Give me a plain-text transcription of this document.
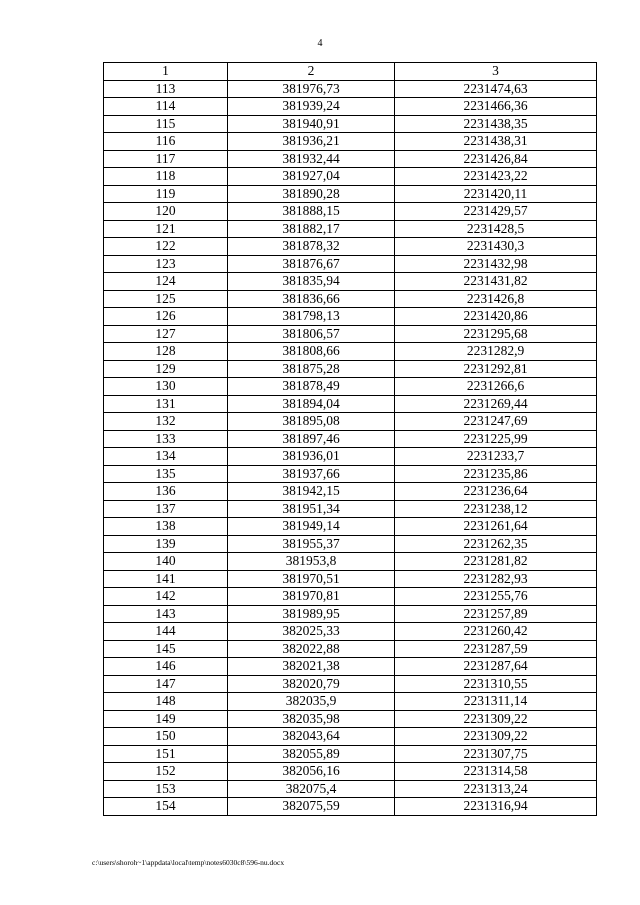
4
1	2	3
113	381976,73	2231474,63
114	381939,24	2231466,36
115	381940,91	2231438,35
116	381936,21	2231438,31
117	381932,44	2231426,84
118	381927,04	2231423,22
119	381890,28	2231420,11
120	381888,15	2231429,57
121	381882,17	2231428,5
122	381878,32	2231430,3
123	381876,67	2231432,98
124	381835,94	2231431,82
125	381836,66	2231426,8
126	381798,13	2231420,86
127	381806,57	2231295,68
128	381808,66	2231282,9
129	381875,28	2231292,81
130	381878,49	2231266,6
131	381894,04	2231269,44
132	381895,08	2231247,69
133	381897,46	2231225,99
134	381936,01	2231233,7
135	381937,66	2231235,86
136	381942,15	2231236,64
137	381951,34	2231238,12
138	381949,14	2231261,64
139	381955,37	2231262,35
140	381953,8	2231281,82
141	381970,51	2231282,93
142	381970,81	2231255,76
143	381989,95	2231257,89
144	382025,33	2231260,42
145	382022,88	2231287,59
146	382021,38	2231287,64
147	382020,79	2231310,55
148	382035,9	2231311,14
149	382035,98	2231309,22
150	382043,64	2231309,22
151	382055,89	2231307,75
152	382056,16	2231314,58
153	382075,4	2231313,24
154	382075,59	2231316,94
c:\users\shoroh~1\appdata\local\temp\notes6030c8\596-nu.docx
